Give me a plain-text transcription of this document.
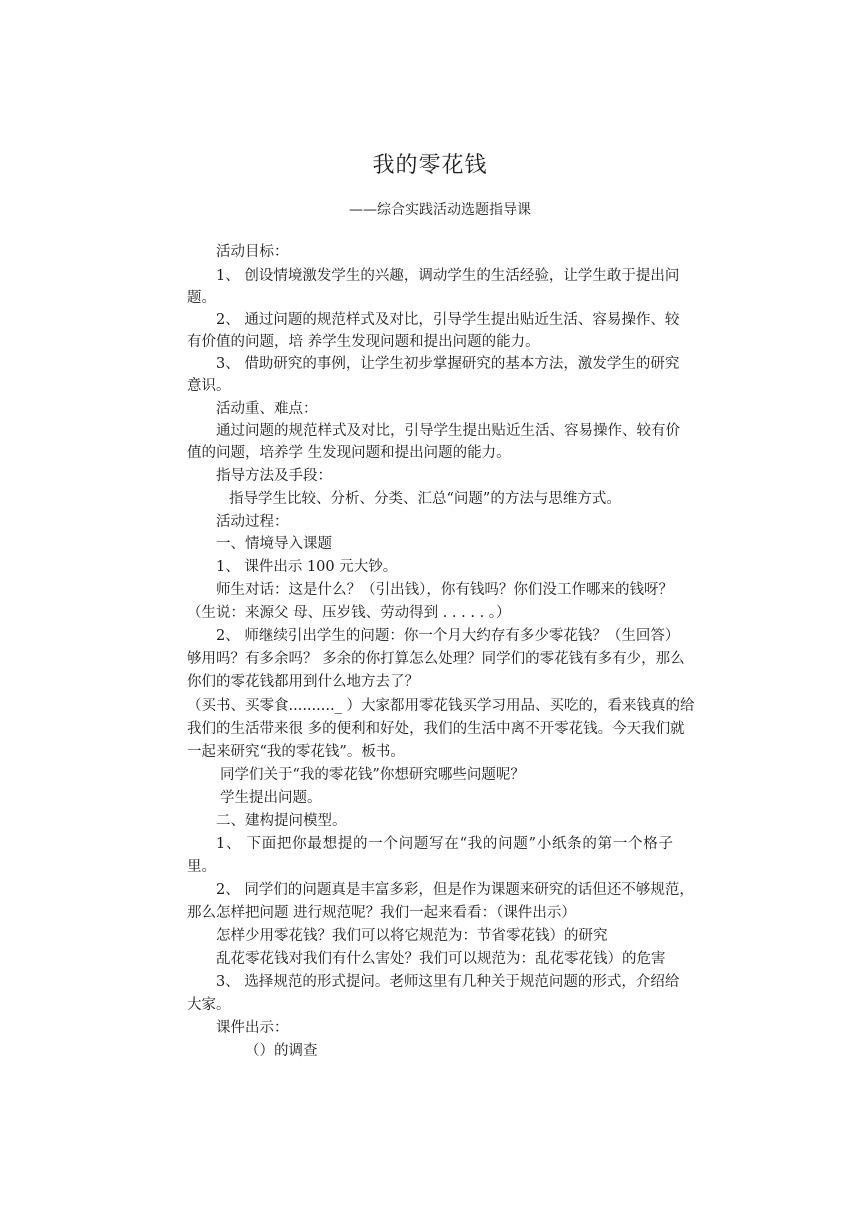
我的零花钱
——综合实践活动选题指导课
活动目标：
1、 创设情境激发学生的兴趣，调动学生的生活经验，让学生敢于提出问
题。
2、 通过问题的规范样式及对比，引导学生提出贴近生活、容易操作、较
有价值的问题，培 养学生发现问题和提出问题的能力。
3、 借助研究的事例，让学生初步掌握研究的基本方法，激发学生的研究
意识。
活动重、难点：
通过问题的规范样式及对比，引导学生提出贴近生活、容易操作、较有价
值的问题，培养学 生发现问题和提出问题的能力。
指导方法及手段：
指导学生比较、分析、分类、汇总“问题”的方法与思维方式。
活动过程：
一、情境导入课题
1、 课件出示 100 元大钞。
师生对话：这是什么？（引出钱），你有钱吗？你们没工作哪来的钱呀？
（生说：来源父 母、压岁钱、劳动得到 . . . . . 。）
2、 师继续引出学生的问题：你一个月大约存有多少零花钱？（生回答）
够用吗？有多余吗？ 多余的你打算怎么处理？同学们的零花钱有多有少，那么
你们的零花钱都用到什么地方去了？
（买书、买零食.........._ ）大家都用零花钱买学习用品、买吃的，看来钱真的给
我们的生活带来很 多的便利和好处，我们的生活中离不开零花钱。今天我们就
一起来研究“我的零花钱”。板书。
同学们关于“我的零花钱”你想研究哪些问题呢？
学生提出问题。
二、建构提问模型。
1、 下面把你最想提的一个问题写在“我的问题”小纸条的第一个格子
里。
2、 同学们的问题真是丰富多彩，但是作为课题来研究的话但还不够规范，
那么怎样把问题 进行规范呢？我们一起来看看：（课件出示）
怎样少用零花钱？我们可以将它规范为：节省零花钱）的研究
乱花零花钱对我们有什么害处？我们可以规范为：乱花零花钱）的危害
3、 选择规范的形式提问。老师这里有几种关于规范问题的形式，介绍给
大家。
课件出示：
（）的调查
